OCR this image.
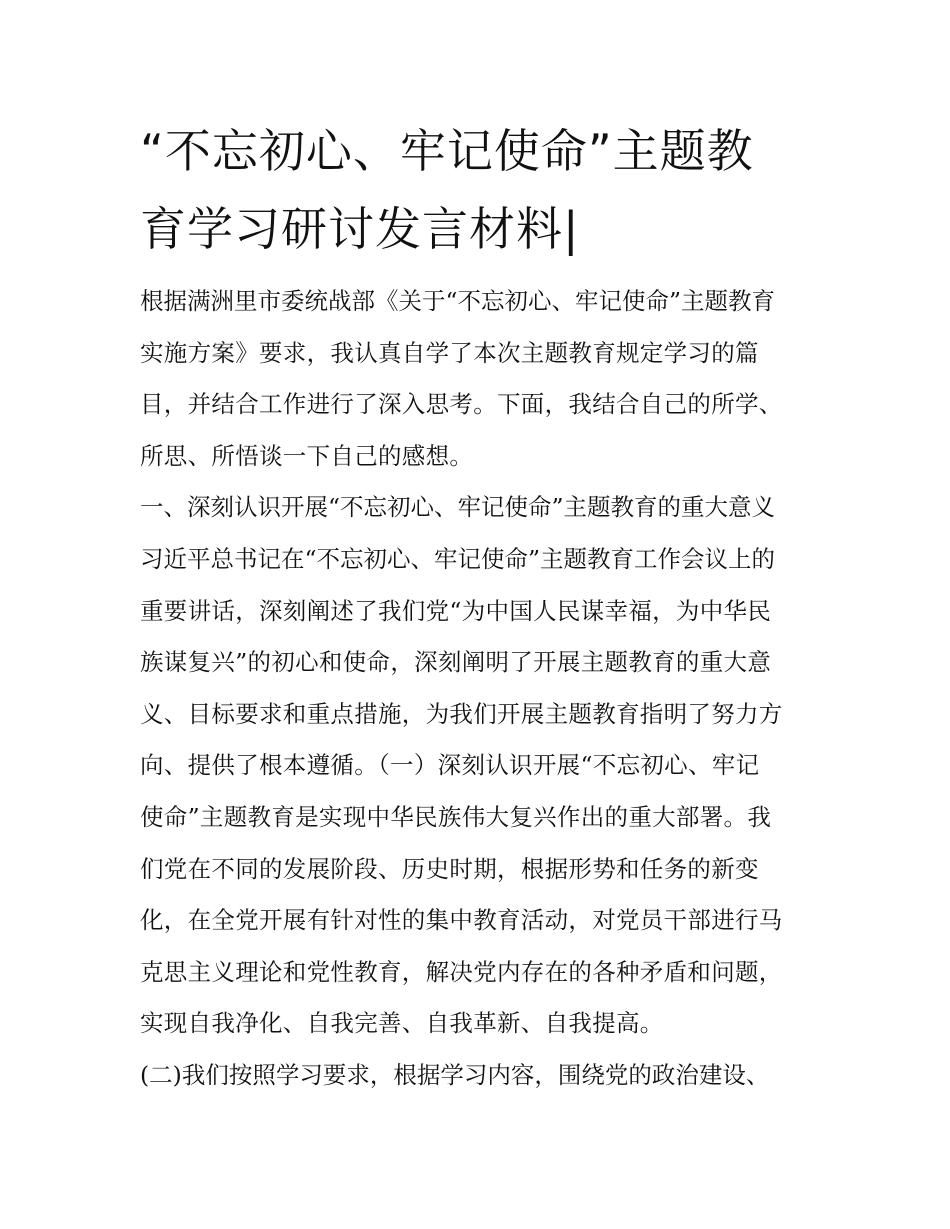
“不忘初心、牢记使命”主题教
育学习研讨发言材料|
根据满洲里市委统战部《关于“不忘初心、牢记使命”主题教育
实施方案》要求，我认真自学了本次主题教育规定学习的篇
目，并结合工作进行了深入思考。下面，我结合自己的所学、
所思、所悟谈一下自己的感想。
一、深刻认识开展“不忘初心、牢记使命”主题教育的重大意义
习近平总书记在“不忘初心、牢记使命”主题教育工作会议上的
重要讲话，深刻阐述了我们党“为中国人民谋幸福，为中华民
族谋复兴”的初心和使命，深刻阐明了开展主题教育的重大意
义、目标要求和重点措施，为我们开展主题教育指明了努力方
向、提供了根本遵循。（一）深刻认识开展“不忘初心、牢记
使命”主题教育是实现中华民族伟大复兴作出的重大部署。我
们党在不同的发展阶段、历史时期，根据形势和任务的新变
化，在全党开展有针对性的集中教育活动，对党员干部进行马
克思主义理论和党性教育，解决党内存在的各种矛盾和问题，
实现自我净化、自我完善、自我革新、自我提高。
(二)我们按照学习要求，根据学习内容，围绕党的政治建设、
